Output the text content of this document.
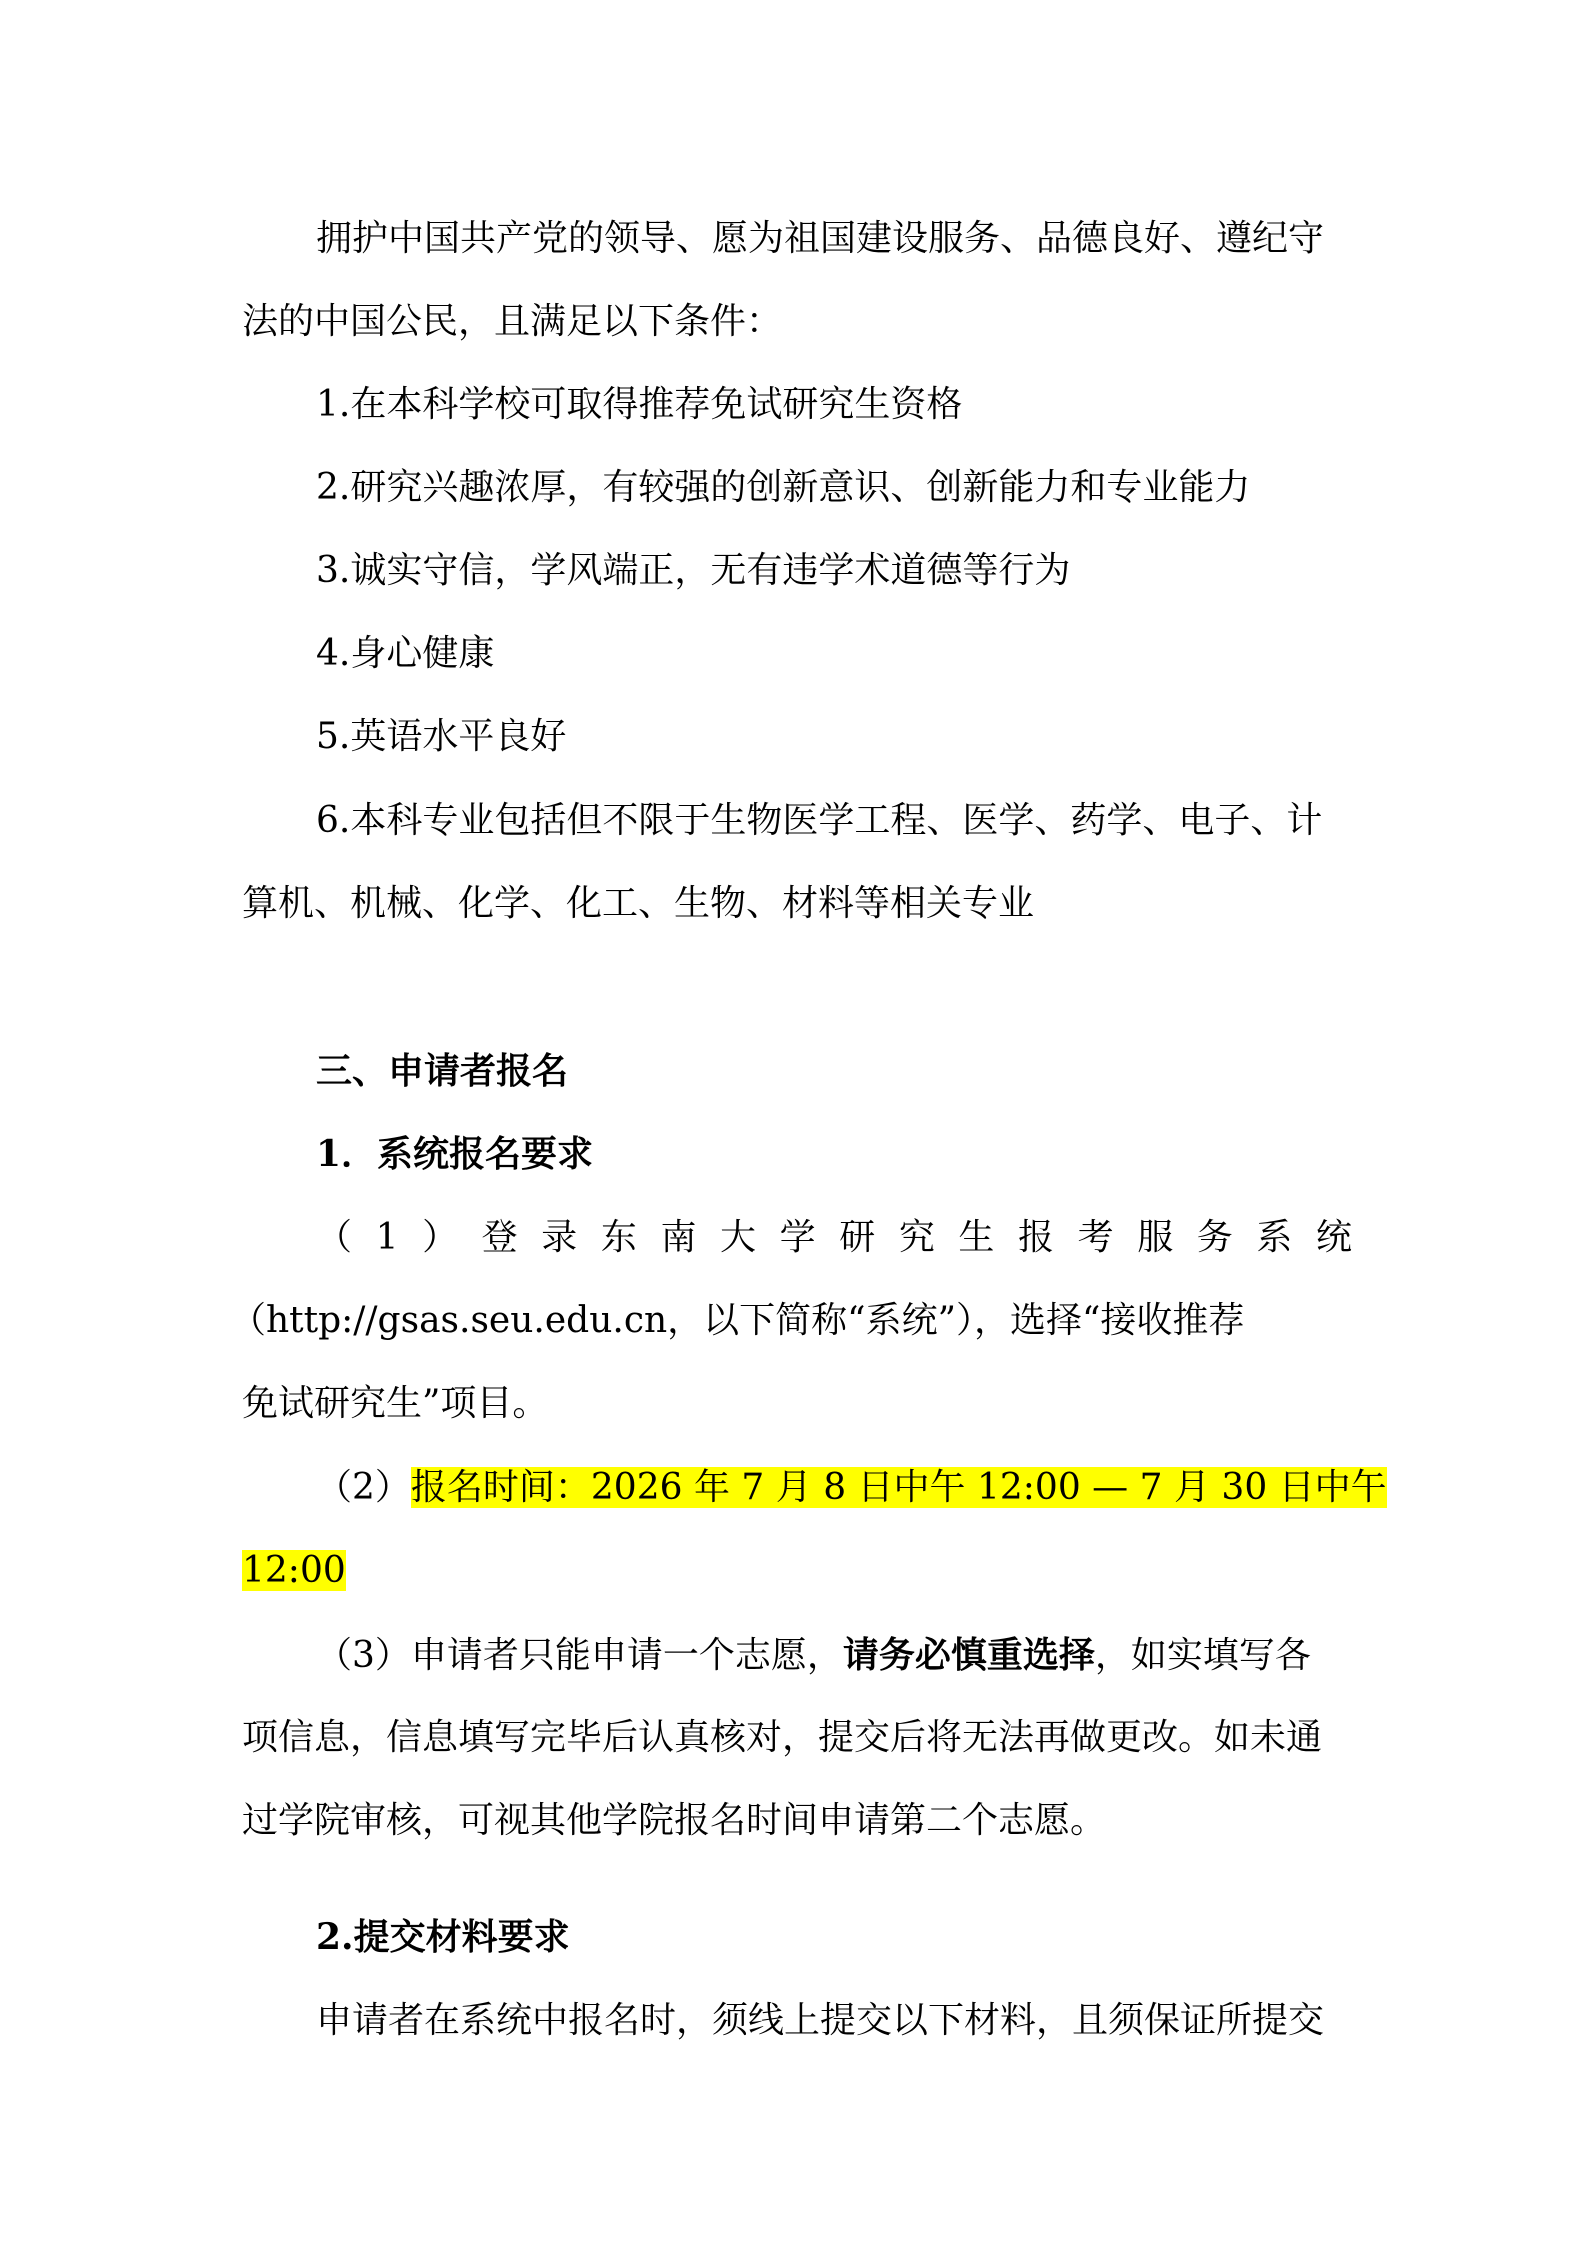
拥护中国共产党的领导、愿为祖国建设服务、品德良好、遵纪守
法的中国公民，且满足以下条件：
1.在本科学校可取得推荐免试研究生资格
2.研究兴趣浓厚，有较强的创新意识、创新能力和专业能力
3.诚实守信，学风端正，无有违学术道德等行为
4.身心健康
5.英语水平良好
6.本科专业包括但不限于生物医学工程、医学、药学、电子、计
算机、机械、化学、化工、生物、材料等相关专业
三、申请者报名
1．系统报名要求
（1）登录东南大学研究生报考服务系统
（http://gsas.seu.edu.cn，以下简称“系统”），选择“接收推荐
免试研究生”项目。
（2）报名时间：2026 年 7 月 8 日中午 12:00 — 7 月 30 日中午
12:00
（3）申请者只能申请一个志愿，请务必慎重选择，如实填写各
项信息，信息填写完毕后认真核对，提交后将无法再做更改。如未通
过学院审核，可视其他学院报名时间申请第二个志愿。
2.提交材料要求
申请者在系统中报名时，须线上提交以下材料，且须保证所提交
